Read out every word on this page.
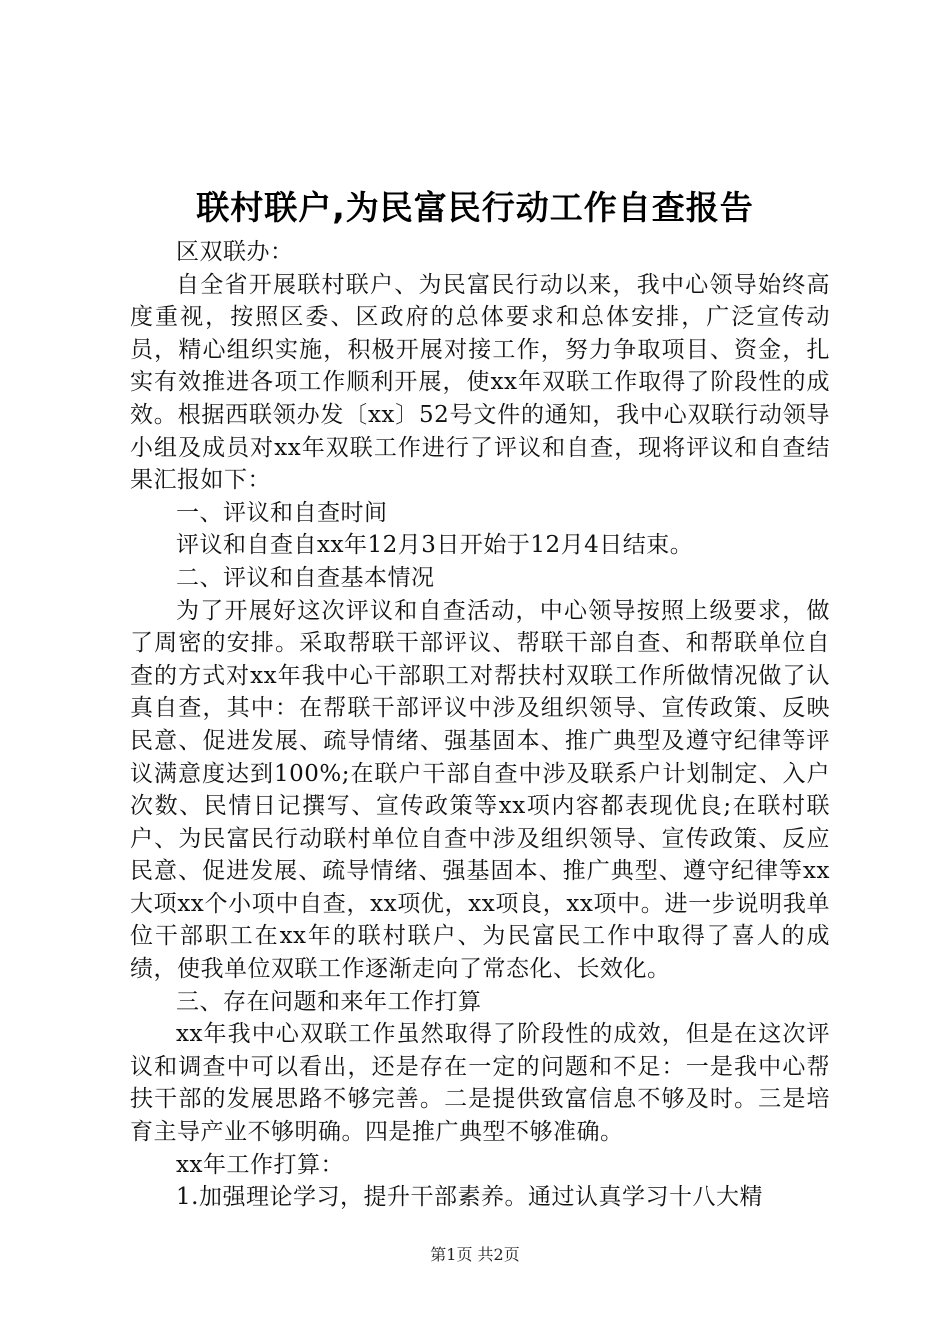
联村联户,为民富民行动工作自查报告

区双联办：

自全省开展联村联户、为民富民行动以来，我中心领导始终高度重视，按照区委、区政府的总体要求和总体安排，广泛宣传动员，精心组织实施，积极开展对接工作，努力争取项目、资金，扎实有效推进各项工作顺利开展，使xx年双联工作取得了阶段性的成效。根据西联领办发〔xx〕52号文件的通知，我中心双联行动领导小组及成员对xx年双联工作进行了评议和自查，现将评议和自查结果汇报如下：

一、评议和自查时间

评议和自查自xx年12月3日开始于12月4日结束。

二、评议和自查基本情况

为了开展好这次评议和自查活动，中心领导按照上级要求，做了周密的安排。采取帮联干部评议、帮联干部自查、和帮联单位自查的方式对xx年我中心干部职工对帮扶村双联工作所做情况做了认真自查，其中：在帮联干部评议中涉及组织领导、宣传政策、反映民意、促进发展、疏导情绪、强基固本、推广典型及遵守纪律等评议满意度达到100%;在联户干部自查中涉及联系户计划制定、入户次数、民情日记撰写、宣传政策等xx项内容都表现优良;在联村联户、为民富民行动联村单位自查中涉及组织领导、宣传政策、反应民意、促进发展、疏导情绪、强基固本、推广典型、遵守纪律等xx大项xx个小项中自查，xx项优，xx项良，xx项中。进一步说明我单位干部职工在xx年的联村联户、为民富民工作中取得了喜人的成绩，使我单位双联工作逐渐走向了常态化、长效化。

三、存在问题和来年工作打算

xx年我中心双联工作虽然取得了阶段性的成效，但是在这次评议和调查中可以看出，还是存在一定的问题和不足：一是我中心帮扶干部的发展思路不够完善。二是提供致富信息不够及时。三是培育主导产业不够明确。四是推广典型不够准确。

xx年工作打算：

1.加强理论学习，提升干部素养。通过认真学习十八大精

第1页 共2页
